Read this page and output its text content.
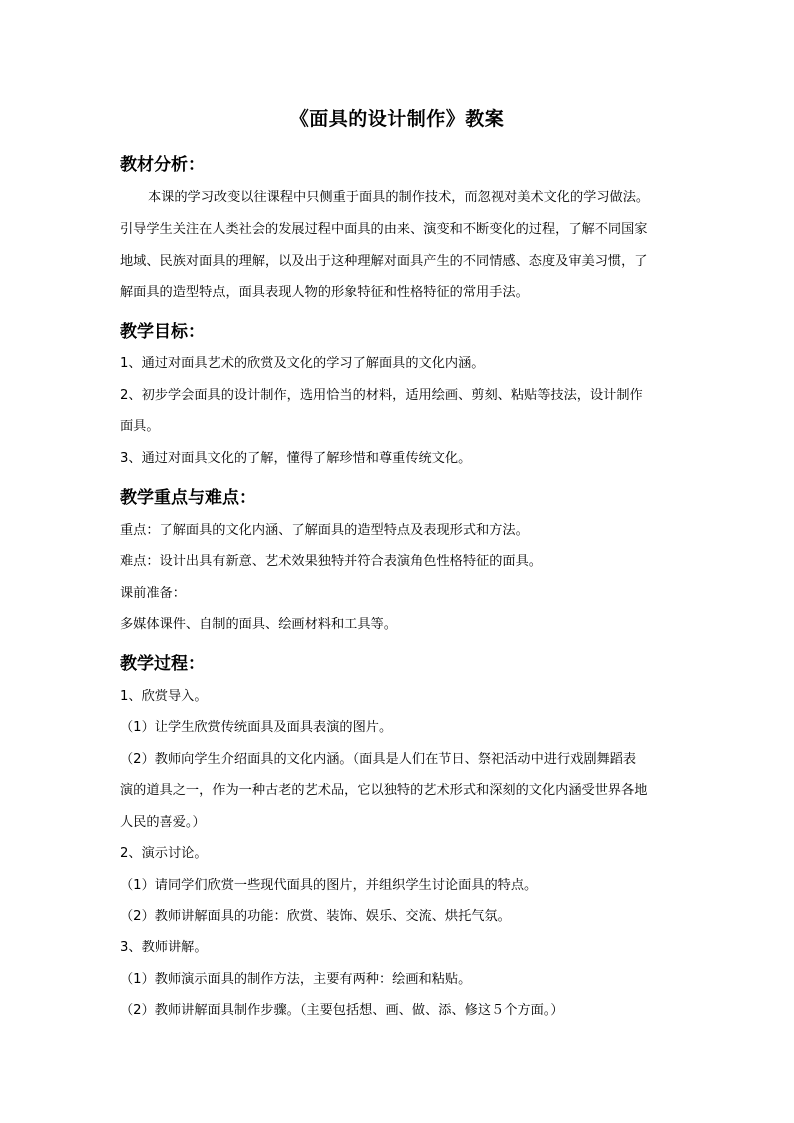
《面具的设计制作》教案
教材分析：
本课的学习改变以往课程中只侧重于面具的制作技术，而忽视对美术文化的学习做法。
引导学生关注在人类社会的发展过程中面具的由来、演变和不断变化的过程，了解不同国家
地域、民族对面具的理解，以及出于这种理解对面具产生的不同情感、态度及审美习惯，了
解面具的造型特点，面具表现人物的形象特征和性格特征的常用手法。
教学目标：
1、通过对面具艺术的欣赏及文化的学习了解面具的文化内涵。
2、初步学会面具的设计制作，选用恰当的材料，适用绘画、剪刻、粘贴等技法，设计制作
面具。
3、通过对面具文化的了解，懂得了解珍惜和尊重传统文化。
教学重点与难点：
重点：了解面具的文化内涵、了解面具的造型特点及表现形式和方法。
难点：设计出具有新意、艺术效果独特并符合表演角色性格特征的面具。
课前准备：
多媒体课件、自制的面具、绘画材料和工具等。
教学过程：
1、欣赏导入。
（1）让学生欣赏传统面具及面具表演的图片。
（2）教师向学生介绍面具的文化内涵。（面具是人们在节日、祭祀活动中进行戏剧舞蹈表
演的道具之一，作为一种古老的艺术品，它以独特的艺术形式和深刻的文化内涵受世界各地
人民的喜爱。）
2、演示讨论。
（1）请同学们欣赏一些现代面具的图片，并组织学生讨论面具的特点。
（2）教师讲解面具的功能：欣赏、装饰、娱乐、交流、烘托气氛。
3、教师讲解。
（1）教师演示面具的制作方法，主要有两种：绘画和粘贴。
（2）教师讲解面具制作步骤。（主要包括想、画、做、添、修这５个方面。）
